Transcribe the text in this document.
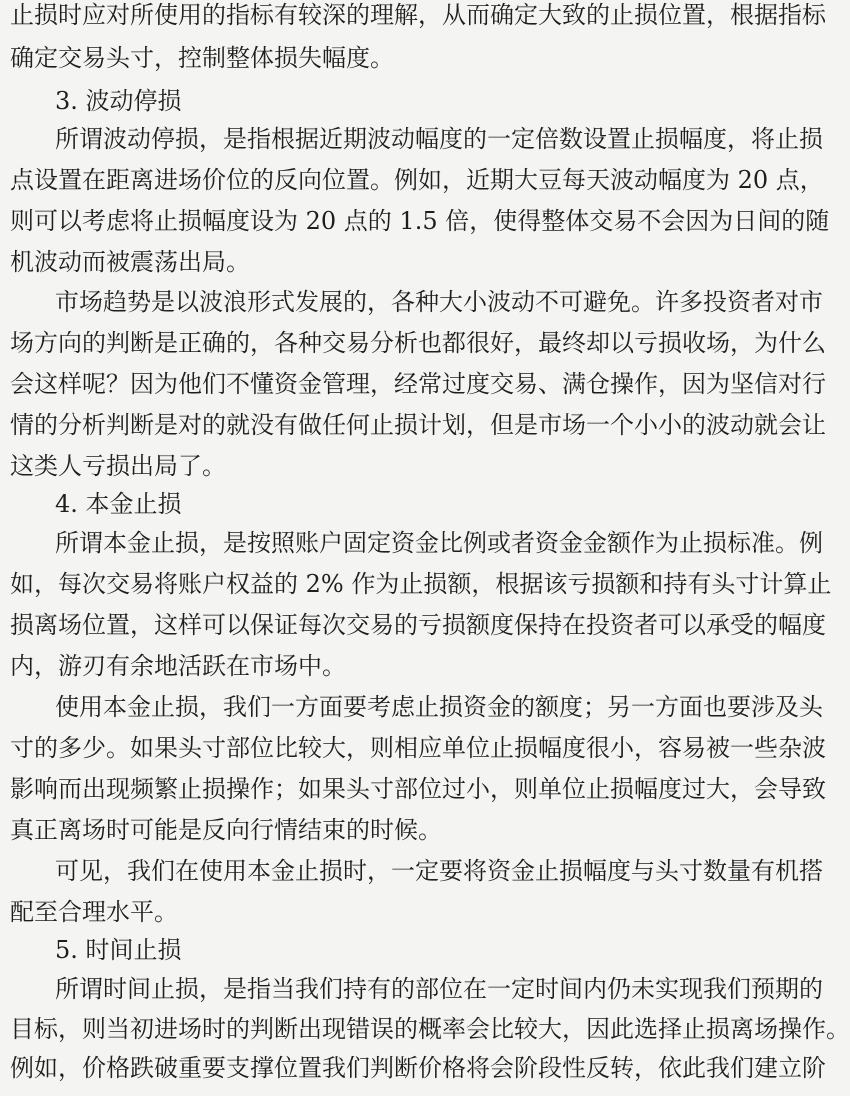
止损时应对所使用的指标有较深的理解，从而确定大致的止损位置，根据指标
确定交易头寸，控制整体损失幅度。
3. 波动停损
所谓波动停损，是指根据近期波动幅度的一定倍数设置止损幅度，将止损
点设置在距离进场价位的反向位置。例如，近期大豆每天波动幅度为 20 点，
则可以考虑将止损幅度设为 20 点的 1.5 倍，使得整体交易不会因为日间的随
机波动而被震荡出局。
市场趋势是以波浪形式发展的，各种大小波动不可避免。许多投资者对市
场方向的判断是正确的，各种交易分析也都很好，最终却以亏损收场，为什么
会这样呢？因为他们不懂资金管理，经常过度交易、满仓操作，因为坚信对行
情的分析判断是对的就没有做任何止损计划，但是市场一个小小的波动就会让
这类人亏损出局了。
4. 本金止损
所谓本金止损，是按照账户固定资金比例或者资金金额作为止损标准。例
如，每次交易将账户权益的 2% 作为止损额，根据该亏损额和持有头寸计算止
损离场位置，这样可以保证每次交易的亏损额度保持在投资者可以承受的幅度
内，游刃有余地活跃在市场中。
使用本金止损，我们一方面要考虑止损资金的额度；另一方面也要涉及头
寸的多少。如果头寸部位比较大，则相应单位止损幅度很小，容易被一些杂波
影响而出现频繁止损操作；如果头寸部位过小，则单位止损幅度过大，会导致
真正离场时可能是反向行情结束的时候。
可见，我们在使用本金止损时，一定要将资金止损幅度与头寸数量有机搭
配至合理水平。
5. 时间止损
所谓时间止损，是指当我们持有的部位在一定时间内仍未实现我们预期的
目标，则当初进场时的判断出现错误的概率会比较大，因此选择止损离场操作。
例如，价格跌破重要支撑位置我们判断价格将会阶段性反转，依此我们建立阶
